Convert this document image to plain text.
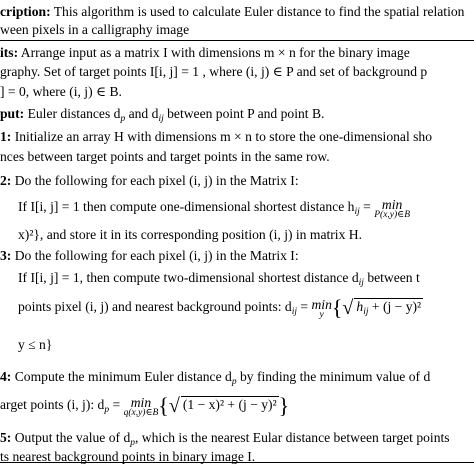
cription: This algorithm is used to calculate Euler distance to find the spatial relation
ween pixels in a calligraphy image
its: Arrange input as a matrix I with dimensions m × n for the binary image
graphy. Set of target points I[i, j] = 1 , where (i, j) ∈ P and set of background p
] = 0, where (i, j) ∈ B.
put: Euler distances $d_p$ and $d_{ij}$ between point P and point B.
1: Initialize an array H with dimensions m × n to store the one-dimensional sho
nces between target points and target points in the same row.
2: Do the following for each pixel (i, j) in the Matrix I:
If I[i, j] = 1 then compute one-dimensional shortest distance $h_{ij} = \min$
P(x,y)∈B
x)²}, and store it in its corresponding position (i, j) in matrix H.
3: Do the following for each pixel (i, j) in the Matrix I:
If I[i, j] = 1, then compute two-dimensional shortest distance $d_{ij}$ between t
points pixel (i, j) and nearest background points: $d_{ij} = \min$
y {√ $h_{ij} + (j - y)^2$
y ≤ n}
4: Compute the minimum Euler distance $d_p$ by finding the minimum value of d
arget points (i, j): $d_p = \min$
q(x,y)∈B {√ (1 − x)² + (j − y)²}
5: Output the value of $d_p$, which is the nearest Eular distance between target points
ts nearest background points in binary image I.
